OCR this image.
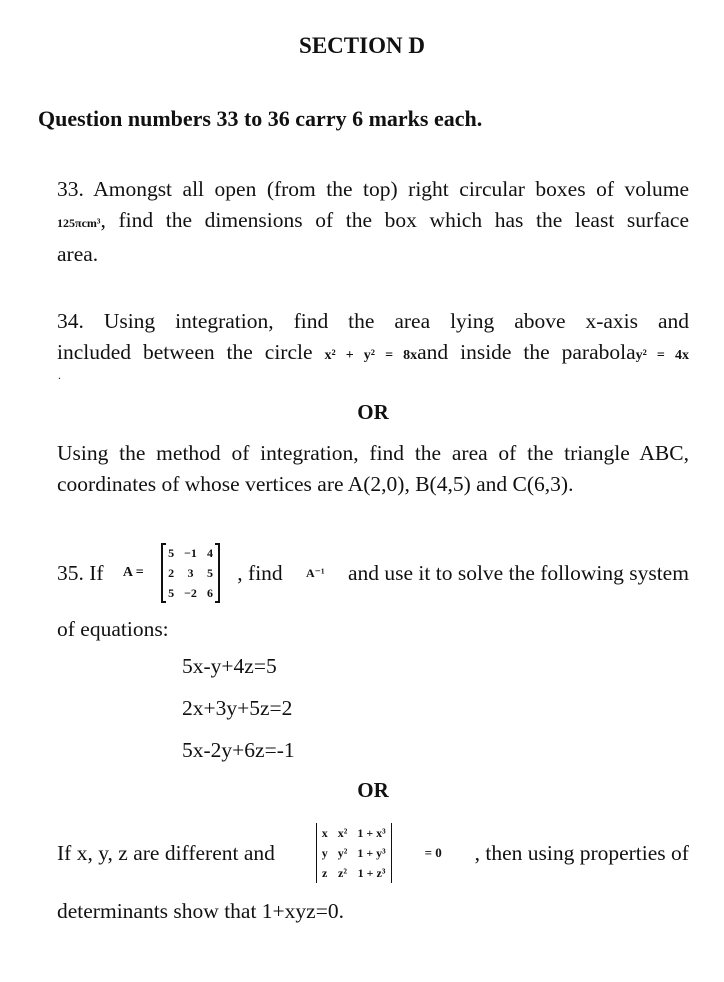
SECTION D
Question numbers 33 to 36 carry 6 marks each.

33. Amongst all open (from the top) right circular boxes of volume

125πcm³, find the dimensions of the box which has the least surface

area.

34. Using integration, find the area lying above x-axis and

included between the circle x² + y² = 8xand inside the parabolay² = 4x

.
OR

Using the method of integration, find the area of the triangle ABC,

coordinates of whose vertices are A(2,0), B(4,5) and C(6,3).

35. If A =
5	−1	4
2	3	5
5	−2	6
, find A⁻¹ and use it to solve the following system
of equations:
5x-y+4z=5
2x+3y+5z=2
5x-2y+6z=-1
OR
If x, y, z are different and
x	x²	1 + x³
y	y²	1 + y³
z	z²	1 + z³
= 0 , then using properties of
determinants show that 1+xyz=0.
